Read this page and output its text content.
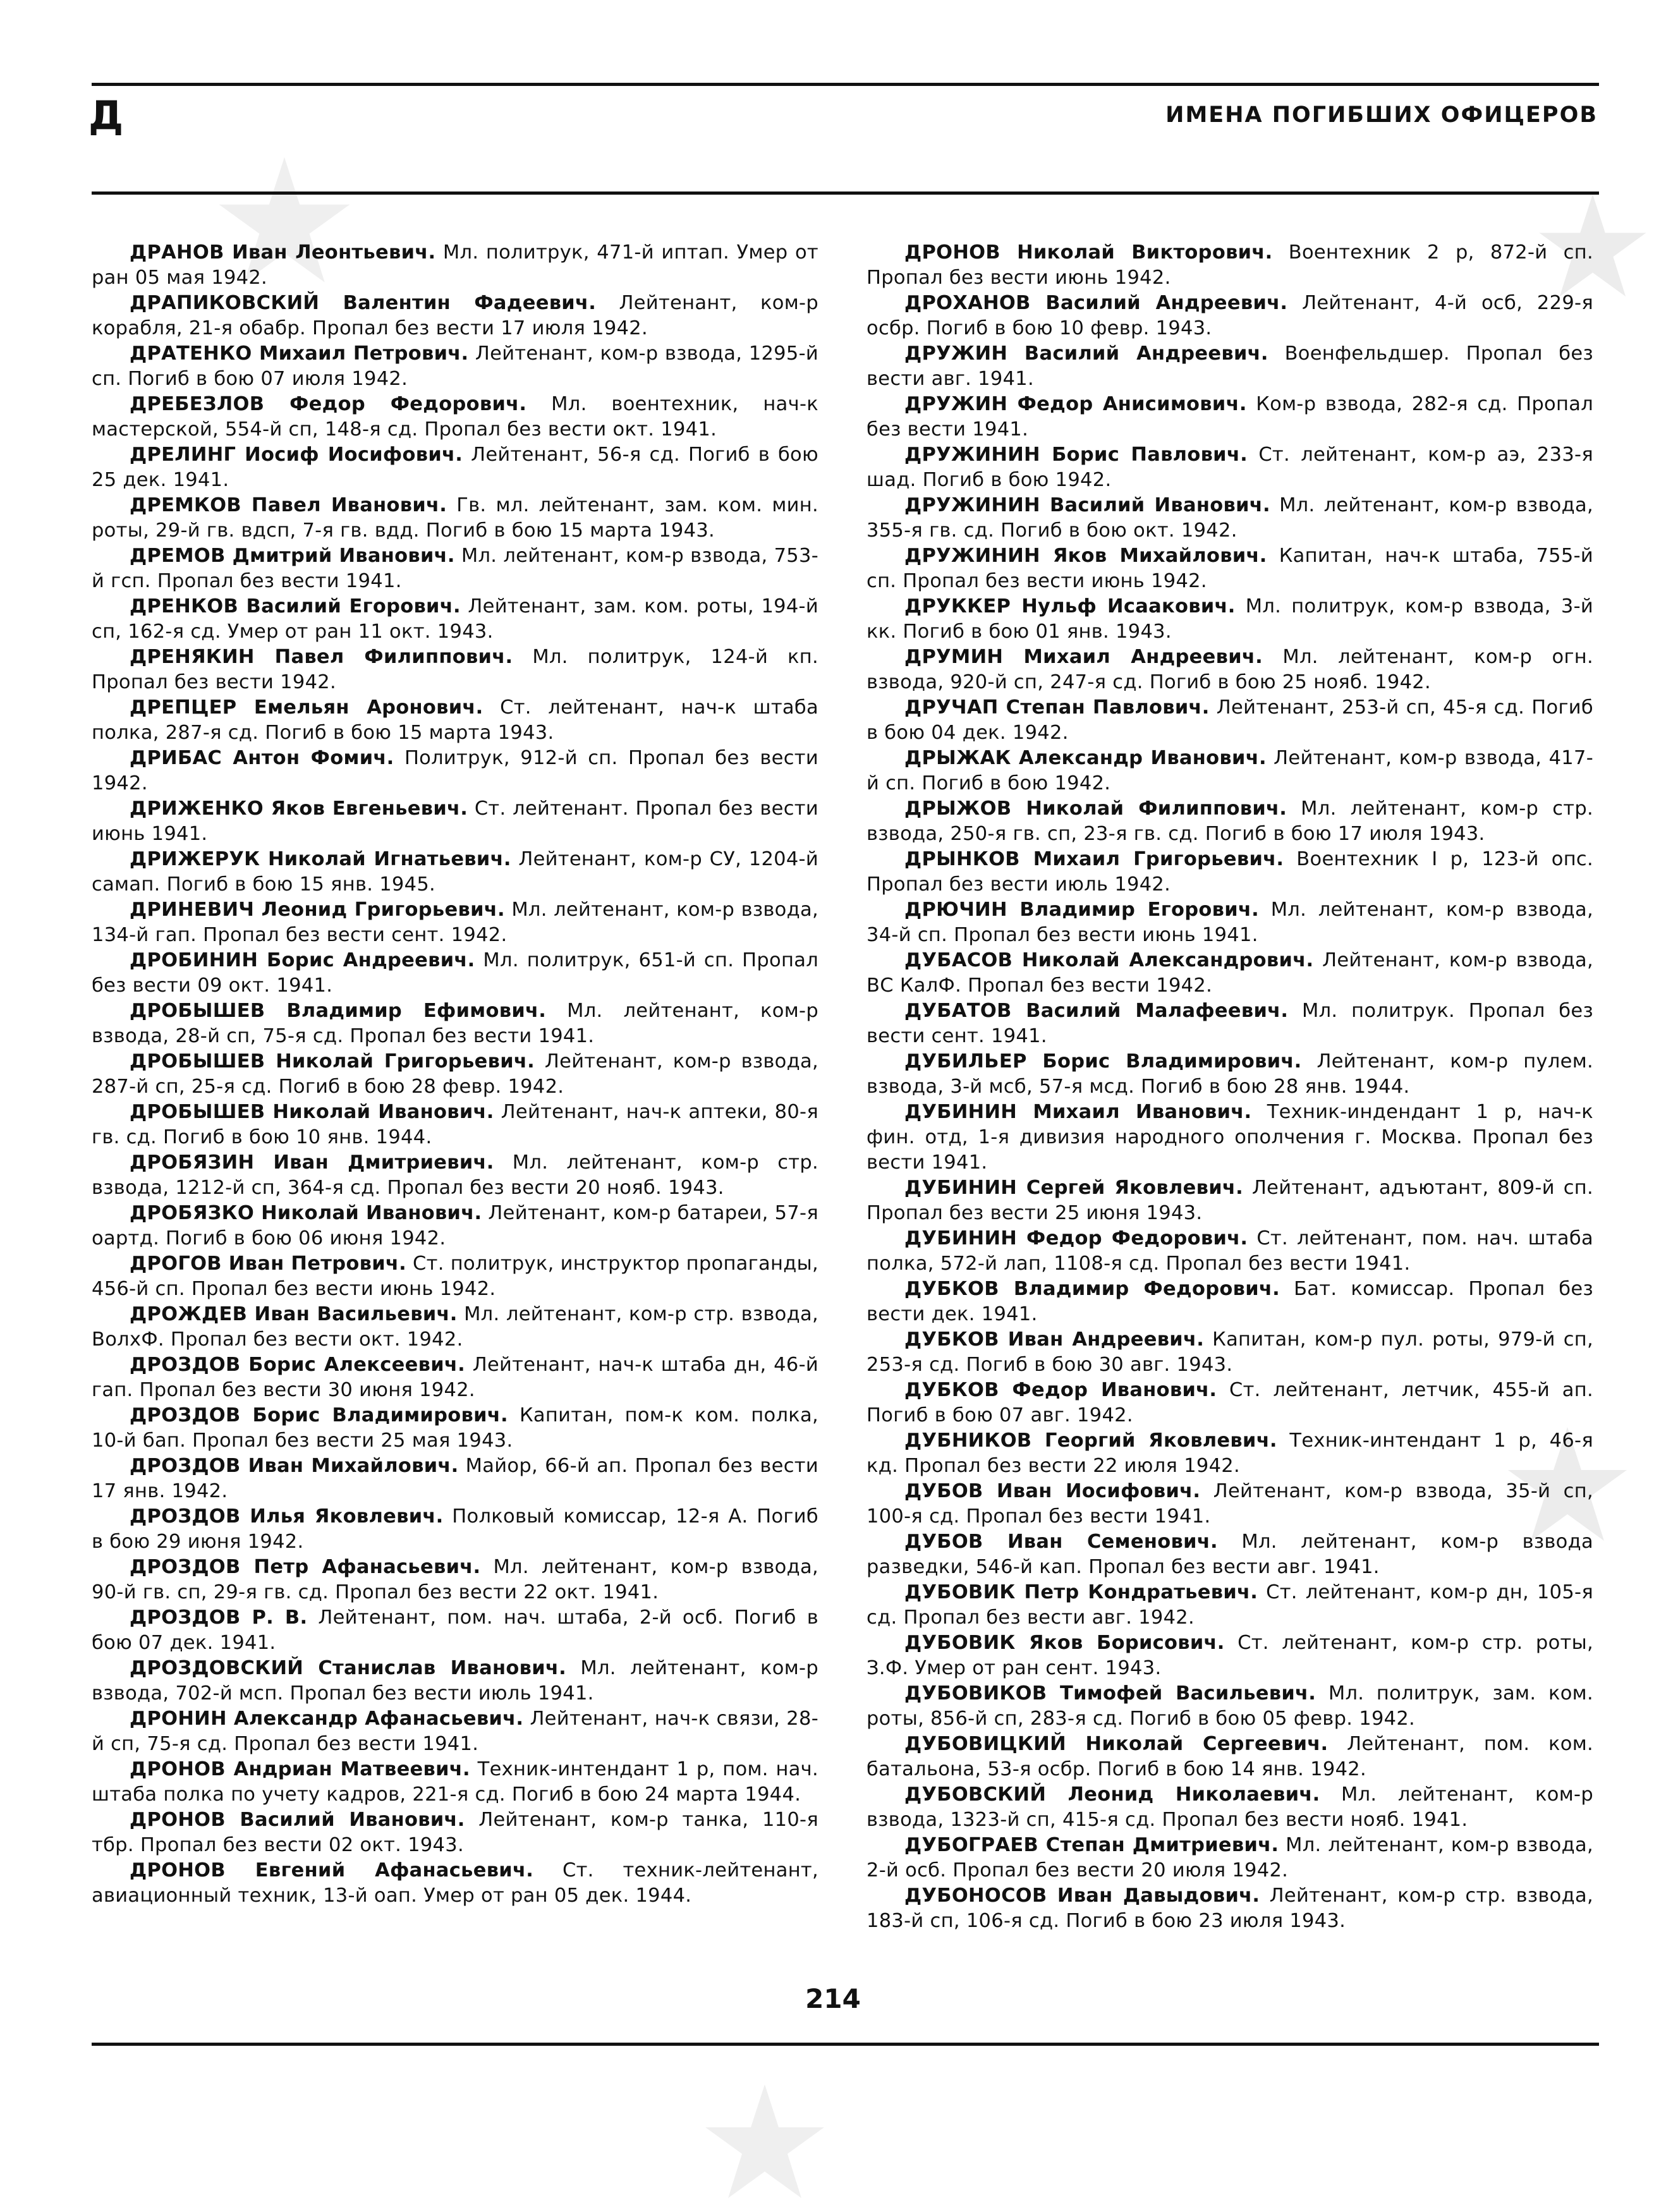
Д	ИМЕНА ПОГИБШИХ ОФИЦЕРОВ

ДРАНОВ Иван Леонтьевич. Мл. политрук, 471-й иптап. Умер от ран 05 мая 1942.

ДРАПИКОВСКИЙ Валентин Фадеевич. Лейтенант, ком-р корабля, 21-я обабр. Пропал без вести 17 июля 1942.

ДРАТЕНКО Михаил Петрович. Лейтенант, ком-р взвода, 1295-й сп. Погиб в бою 07 июля 1942.

ДРЕБЕЗЛОВ Федор Федорович. Мл. воентехник, нач-к мастерской, 554-й сп, 148-я сд. Пропал без вести окт. 1941.

ДРЕЛИНГ Иосиф Иосифович. Лейтенант, 56-я сд. Погиб в бою 25 дек. 1941.

ДРЕМКОВ Павел Иванович. Гв. мл. лейтенант, зам. ком. мин. роты, 29-й гв. вдсп, 7-я гв. вдд. Погиб в бою 15 марта 1943.

ДРЕМОВ Дмитрий Иванович. Мл. лейтенант, ком-р взвода, 753-й гсп. Пропал без вести 1941.

ДРЕНКОВ Василий Егорович. Лейтенант, зам. ком. роты, 194-й сп, 162-я сд. Умер от ран 11 окт. 1943.

ДРЕНЯКИН Павел Филиппович. Мл. политрук, 124-й кп. Пропал без вести 1942.

ДРЕПЦЕР Емельян Аронович. Ст. лейтенант, нач-к штаба полка, 287-я сд. Погиб в бою 15 марта 1943.

ДРИБАС Антон Фомич. Политрук, 912-й сп. Пропал без вести 1942.

ДРИЖЕНКО Яков Евгеньевич. Ст. лейтенант. Пропал без вести июнь 1941.

ДРИЖЕРУК Николай Игнатьевич. Лейтенант, ком-р СУ, 1204-й самап. Погиб в бою 15 янв. 1945.

ДРИНЕВИЧ Леонид Григорьевич. Мл. лейтенант, ком-р взвода, 134-й гап. Пропал без вести сент. 1942.

ДРОБИНИН Борис Андреевич. Мл. политрук, 651-й сп. Пропал без вести 09 окт. 1941.

ДРОБЫШЕВ Владимир Ефимович. Мл. лейтенант, ком-р взвода, 28-й сп, 75-я сд. Пропал без вести 1941.

ДРОБЫШЕВ Николай Григорьевич. Лейтенант, ком-р взвода, 287-й сп, 25-я сд. Погиб в бою 28 февр. 1942.

ДРОБЫШЕВ Николай Иванович. Лейтенант, нач-к аптеки, 80-я гв. сд. Погиб в бою 10 янв. 1944.

ДРОБЯЗИН Иван Дмитриевич. Мл. лейтенант, ком-р стр. взвода, 1212-й сп, 364-я сд. Пропал без вести 20 нояб. 1943.

ДРОБЯЗКО Николай Иванович. Лейтенант, ком-р батареи, 57-я оартд. Погиб в бою 06 июня 1942.

ДРОГОВ Иван Петрович. Ст. политрук, инструктор пропаганды, 456-й сп. Пропал без вести июнь 1942.

ДРОЖДЕВ Иван Васильевич. Мл. лейтенант, ком-р стр. взвода, ВолхФ. Пропал без вести окт. 1942.

ДРОЗДОВ Борис Алексеевич. Лейтенант, нач-к штаба дн, 46-й гап. Пропал без вести 30 июня 1942.

ДРОЗДОВ Борис Владимирович. Капитан, пом-к ком. полка, 10-й бап. Пропал без вести 25 мая 1943.

ДРОЗДОВ Иван Михайлович. Майор, 66-й ап. Пропал без вести 17 янв. 1942.

ДРОЗДОВ Илья Яковлевич. Полковый комиссар, 12-я А. Погиб в бою 29 июня 1942.

ДРОЗДОВ Петр Афанасьевич. Мл. лейтенант, ком-р взвода, 90-й гв. сп, 29-я гв. сд. Пропал без вести 22 окт. 1941.

ДРОЗДОВ Р. В. Лейтенант, пом. нач. штаба, 2-й осб. Погиб в бою 07 дек. 1941.

ДРОЗДОВСКИЙ Станислав Иванович. Мл. лейтенант, ком-р взвода, 702-й мсп. Пропал без вести июль 1941.

ДРОНИН Александр Афанасьевич. Лейтенант, нач-к связи, 28-й сп, 75-я сд. Пропал без вести 1941.

ДРОНОВ Андриан Матвеевич. Техник-интендант 1 р, пом. нач. штаба полка по учету кадров, 221-я сд. Погиб в бою 24 марта 1944.

ДРОНОВ Василий Иванович. Лейтенант, ком-р танка, 110-я тбр. Пропал без вести 02 окт. 1943.

ДРОНОВ Евгений Афанасьевич. Ст. техник-лейтенант, авиационный техник, 13-й оап. Умер от ран 05 дек. 1944.

ДРОНОВ Николай Викторович. Воентехник 2 р, 872-й сп. Пропал без вести июнь 1942.

ДРОХАНОВ Василий Андреевич. Лейтенант, 4-й осб, 229-я осбр. Погиб в бою 10 февр. 1943.

ДРУЖИН Василий Андреевич. Военфельдшер. Пропал без вести авг. 1941.

ДРУЖИН Федор Анисимович. Ком-р взвода, 282-я сд. Пропал без вести 1941.

ДРУЖИНИН Борис Павлович. Ст. лейтенант, ком-р аэ, 233-я шад. Погиб в бою 1942.

ДРУЖИНИН Василий Иванович. Мл. лейтенант, ком-р взвода, 355-я гв. сд. Погиб в бою окт. 1942.

ДРУЖИНИН Яков Михайлович. Капитан, нач-к штаба, 755-й сп. Пропал без вести июнь 1942.

ДРУККЕР Нульф Исаакович. Мл. политрук, ком-р взвода, 3-й кк. Погиб в бою 01 янв. 1943.

ДРУМИН Михаил Андреевич. Мл. лейтенант, ком-р огн. взвода, 920-й сп, 247-я сд. Погиб в бою 25 нояб. 1942.

ДРУЧАП Степан Павлович. Лейтенант, 253-й сп, 45-я сд. Погиб в бою 04 дек. 1942.

ДРЫЖАК Александр Иванович. Лейтенант, ком-р взвода, 417-й сп. Погиб в бою 1942.

ДРЫЖОВ Николай Филиппович. Мл. лейтенант, ком-р стр. взвода, 250-я гв. сп, 23-я гв. сд. Погиб в бою 17 июля 1943.

ДРЫНКОВ Михаил Григорьевич. Воентехник I р, 123-й опс. Пропал без вести июль 1942.

ДРЮЧИН Владимир Егорович. Мл. лейтенант, ком-р взвода, 34-й сп. Пропал без вести июнь 1941.

ДУБАСОВ Николай Александрович. Лейтенант, ком-р взвода, ВС КалФ. Пропал без вести 1942.

ДУБАТОВ Василий Малафеевич. Мл. политрук. Пропал без вести сент. 1941.

ДУБИЛЬЕР Борис Владимирович. Лейтенант, ком-р пулем. взвода, 3-й мсб, 57-я мсд. Погиб в бою 28 янв. 1944.

ДУБИНИН Михаил Иванович. Техник-индендант 1 р, нач-к фин. отд, 1-я дивизия народного ополчения г. Москва. Пропал без вести 1941.

ДУБИНИН Сергей Яковлевич. Лейтенант, адъютант, 809-й сп. Пропал без вести 25 июня 1943.

ДУБИНИН Федор Федорович. Ст. лейтенант, пом. нач. штаба полка, 572-й лап, 1108-я сд. Пропал без вести 1941.

ДУБКОВ Владимир Федорович. Бат. комиссар. Пропал без вести дек. 1941.

ДУБКОВ Иван Андреевич. Капитан, ком-р пул. роты, 979-й сп, 253-я сд. Погиб в бою 30 авг. 1943.

ДУБКОВ Федор Иванович. Ст. лейтенант, летчик, 455-й ап. Погиб в бою 07 авг. 1942.

ДУБНИКОВ Георгий Яковлевич. Техник-интендант 1 р, 46-я кд. Пропал без вести 22 июля 1942.

ДУБОВ Иван Иосифович. Лейтенант, ком-р взвода, 35-й сп, 100-я сд. Пропал без вести 1941.

ДУБОВ Иван Семенович. Мл. лейтенант, ком-р взвода разведки, 546-й кап. Пропал без вести авг. 1941.

ДУБОВИК Петр Кондратьевич. Ст. лейтенант, ком-р дн, 105-я сд. Пропал без вести авг. 1942.

ДУБОВИК Яков Борисович. Ст. лейтенант, ком-р стр. роты, З.Ф. Умер от ран сент. 1943.

ДУБОВИКОВ Тимофей Васильевич. Мл. политрук, зам. ком. роты, 856-й сп, 283-я сд. Погиб в бою 05 февр. 1942.

ДУБОВИЦКИЙ Николай Сергеевич. Лейтенант, пом. ком. батальона, 53-я осбр. Погиб в бою 14 янв. 1942.

ДУБОВСКИЙ Леонид Николаевич. Мл. лейтенант, ком-р взвода, 1323-й сп, 415-я сд. Пропал без вести нояб. 1941.

ДУБОГРАЕВ Степан Дмитриевич. Мл. лейтенант, ком-р взвода, 2-й осб. Пропал без вести 20 июля 1942.

ДУБОНОСОВ Иван Давыдович. Лейтенант, ком-р стр. взвода, 183-й сп, 106-я сд. Погиб в бою 23 июля 1943.

214
